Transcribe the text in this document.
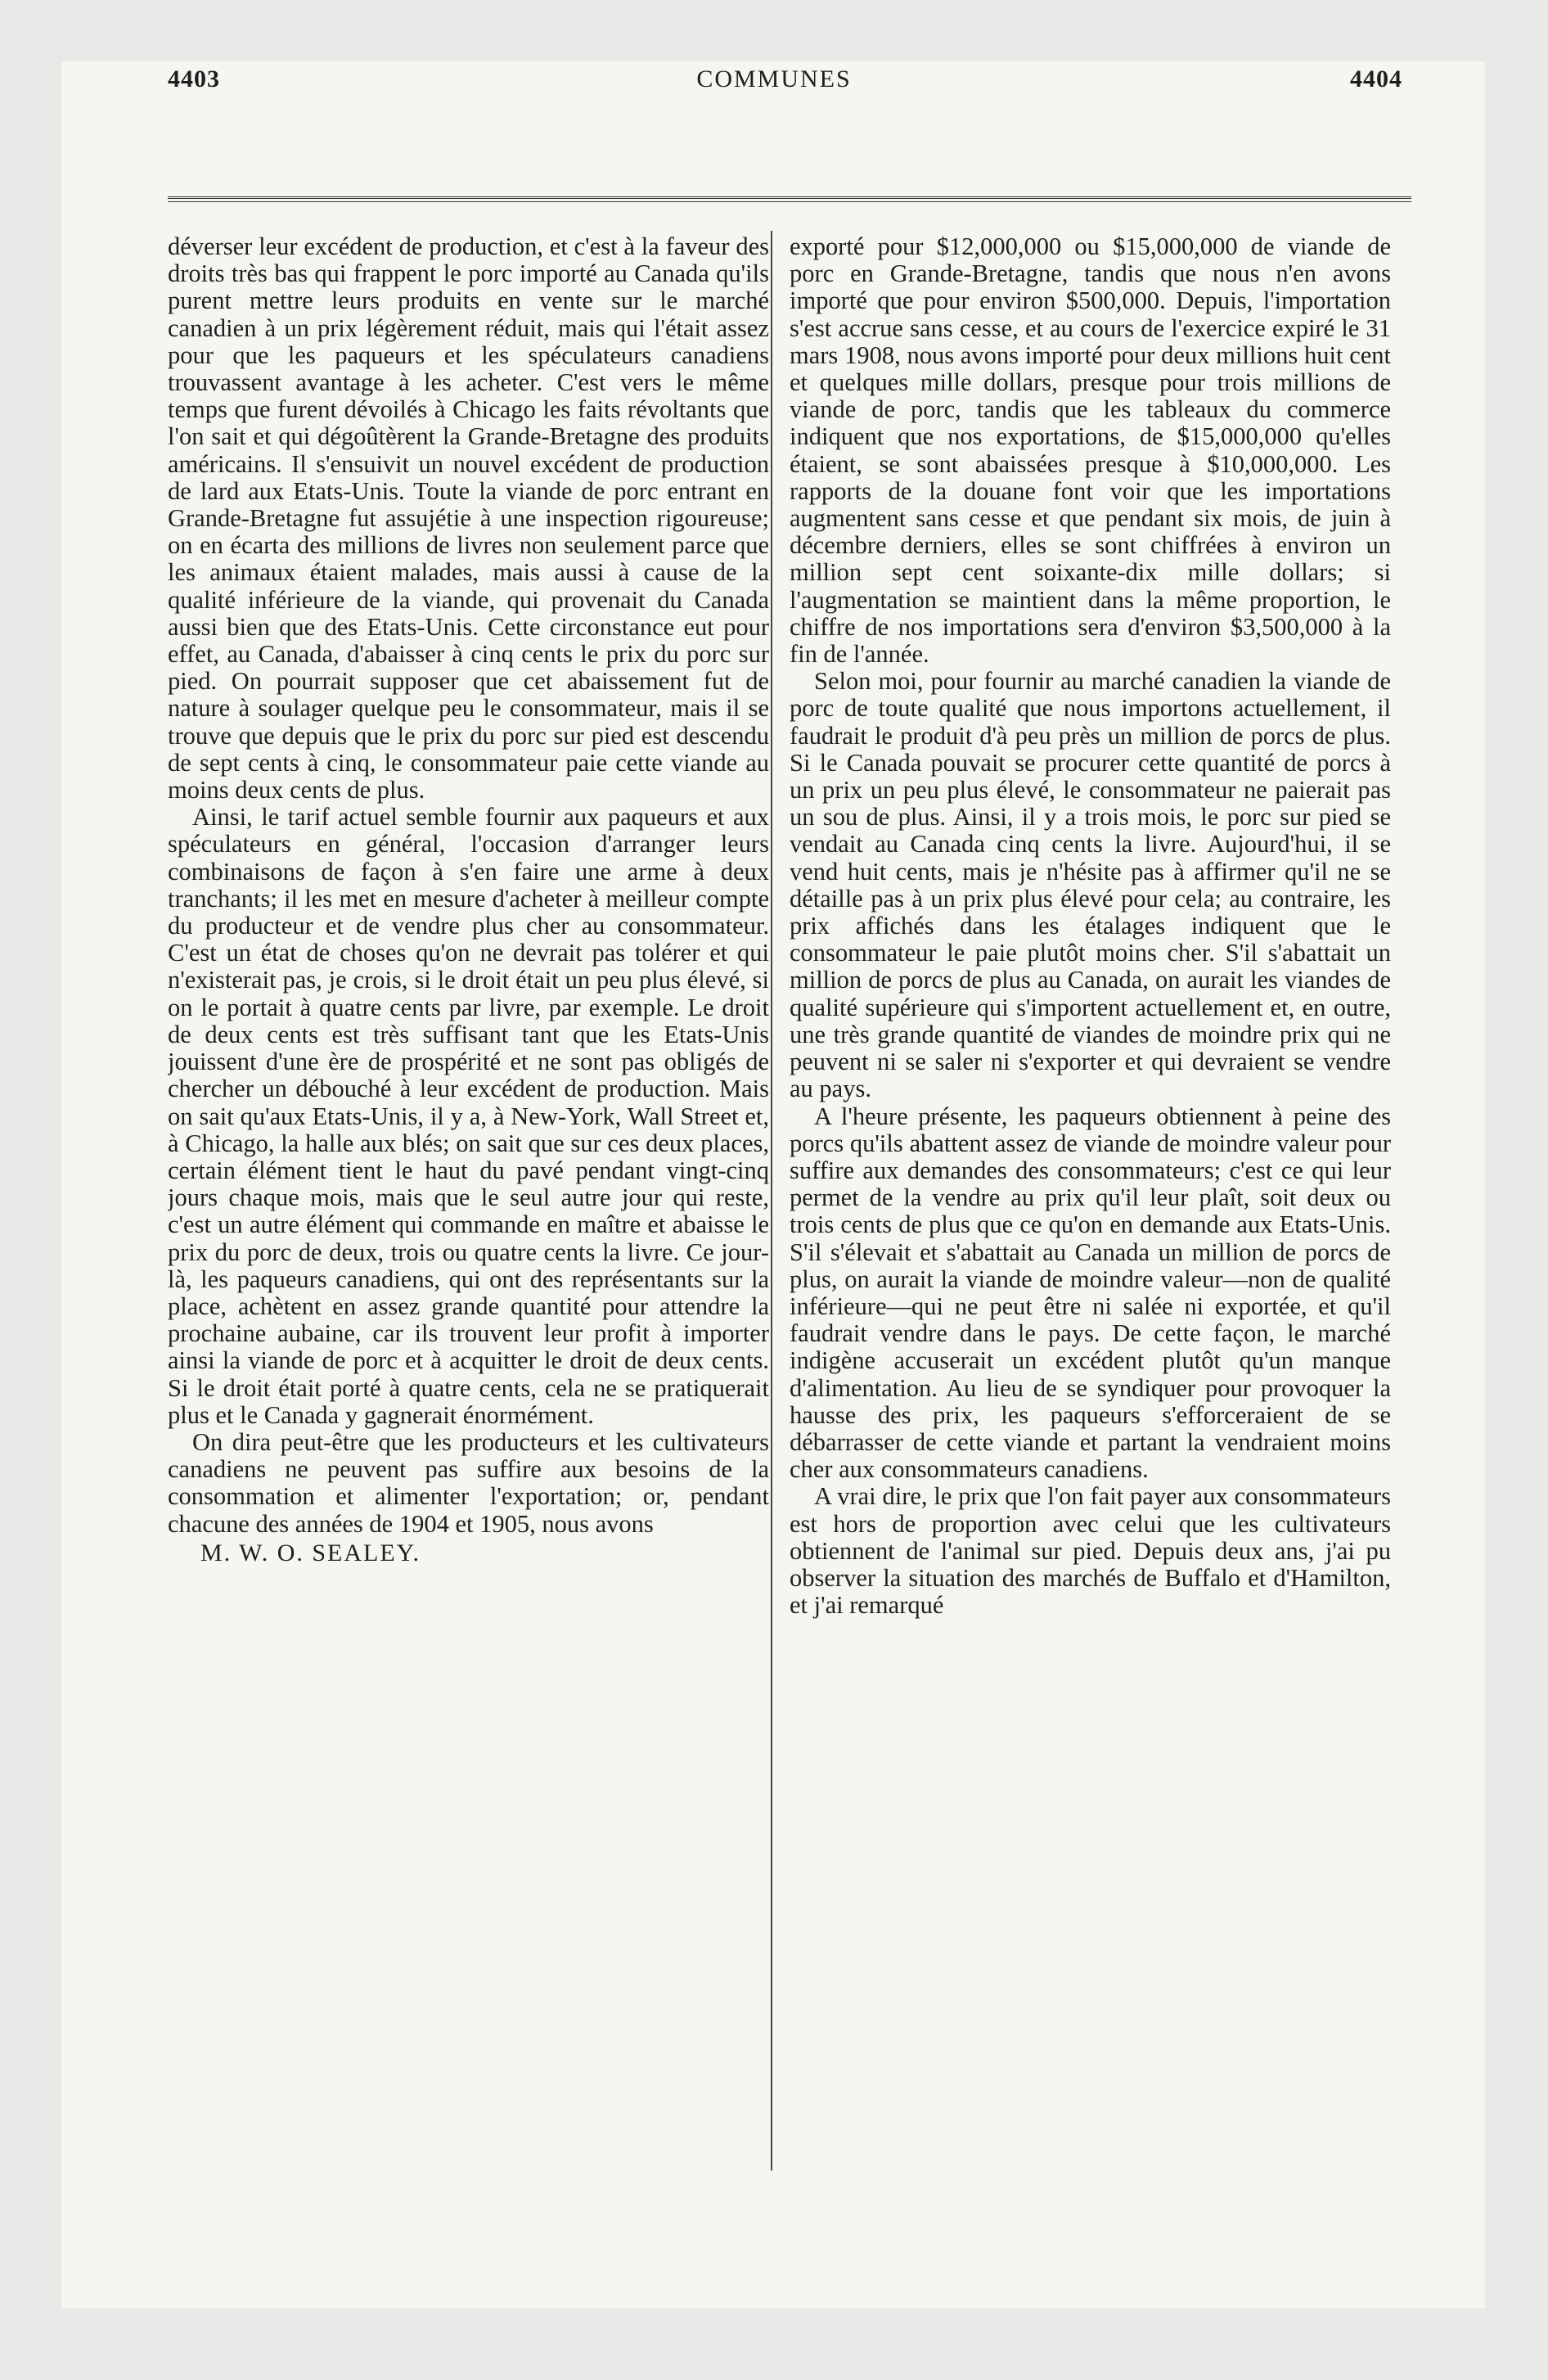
4403	COMMUNES	4404

déverser leur excédent de production, et c'est à la faveur des droits très bas qui frappent le porc importé au Canada qu'ils purent mettre leurs produits en vente sur le marché canadien à un prix légèrement réduit, mais qui l'était assez pour que les paqueurs et les spéculateurs canadiens trouvassent avantage à les acheter. C'est vers le même temps que furent dévoilés à Chicago les faits révoltants que l'on sait et qui dégoûtèrent la Grande-Bretagne des produits américains. Il s'ensuivit un nouvel excédent de production de lard aux Etats-Unis. Toute la viande de porc entrant en Grande-Bretagne fut assujétie à une inspection rigoureuse; on en écarta des millions de livres non seulement parce que les animaux étaient malades, mais aussi à cause de la qualité inférieure de la viande, qui provenait du Canada aussi bien que des Etats-Unis. Cette circonstance eut pour effet, au Canada, d'abaisser à cinq cents le prix du porc sur pied. On pourrait supposer que cet abaissement fut de nature à soulager quelque peu le consommateur, mais il se trouve que depuis que le prix du porc sur pied est descendu de sept cents à cinq, le consommateur paie cette viande au moins deux cents de plus.

Ainsi, le tarif actuel semble fournir aux paqueurs et aux spéculateurs en général, l'occasion d'arranger leurs combinaisons de façon à s'en faire une arme à deux tranchants; il les met en mesure d'acheter à meilleur compte du producteur et de vendre plus cher au consommateur. C'est un état de choses qu'on ne devrait pas tolérer et qui n'existerait pas, je crois, si le droit était un peu plus élevé, si on le portait à quatre cents par livre, par exemple. Le droit de deux cents est très suffisant tant que les Etats-Unis jouissent d'une ère de prospérité et ne sont pas obligés de chercher un débouché à leur excédent de production. Mais on sait qu'aux Etats-Unis, il y a, à New-York, Wall Street et, à Chicago, la halle aux blés; on sait que sur ces deux places, certain élément tient le haut du pavé pendant vingt-cinq jours chaque mois, mais que le seul autre jour qui reste, c'est un autre élément qui commande en maître et abaisse le prix du porc de deux, trois ou quatre cents la livre. Ce jour-là, les paqueurs canadiens, qui ont des représentants sur la place, achètent en assez grande quantité pour attendre la prochaine aubaine, car ils trouvent leur profit à importer ainsi la viande de porc et à acquitter le droit de deux cents. Si le droit était porté à quatre cents, cela ne se pratiquerait plus et le Canada y gagnerait énormément.

On dira peut-être que les producteurs et les cultivateurs canadiens ne peuvent pas suffire aux besoins de la consommation et alimenter l'exportation; or, pendant chacune des années de 1904 et 1905, nous avons

M. W. O. SEALEY.

exporté pour $12,000,000 ou $15,000,000 de viande de porc en Grande-Bretagne, tandis que nous n'en avons importé que pour environ $500,000. Depuis, l'importation s'est accrue sans cesse, et au cours de l'exercice expiré le 31 mars 1908, nous avons importé pour deux millions huit cent et quelques mille dollars, presque pour trois millions de viande de porc, tandis que les tableaux du commerce indiquent que nos exportations, de $15,000,000 qu'elles étaient, se sont abaissées presque à $10,000,000. Les rapports de la douane font voir que les importations augmentent sans cesse et que pendant six mois, de juin à décembre derniers, elles se sont chiffrées à environ un million sept cent soixante-dix mille dollars; si l'augmentation se maintient dans la même proportion, le chiffre de nos importations sera d'environ $3,500,000 à la fin de l'année.

Selon moi, pour fournir au marché canadien la viande de porc de toute qualité que nous importons actuellement, il faudrait le produit d'à peu près un million de porcs de plus. Si le Canada pouvait se procurer cette quantité de porcs à un prix un peu plus élevé, le consommateur ne paierait pas un sou de plus. Ainsi, il y a trois mois, le porc sur pied se vendait au Canada cinq cents la livre. Aujourd'hui, il se vend huit cents, mais je n'hésite pas à affirmer qu'il ne se détaille pas à un prix plus élevé pour cela; au contraire, les prix affichés dans les étalages indiquent que le consommateur le paie plutôt moins cher. S'il s'abattait un million de porcs de plus au Canada, on aurait les viandes de qualité supérieure qui s'importent actuellement et, en outre, une très grande quantité de viandes de moindre prix qui ne peuvent ni se saler ni s'exporter et qui devraient se vendre au pays.

A l'heure présente, les paqueurs obtiennent à peine des porcs qu'ils abattent assez de viande de moindre valeur pour suffire aux demandes des consommateurs; c'est ce qui leur permet de la vendre au prix qu'il leur plaît, soit deux ou trois cents de plus que ce qu'on en demande aux Etats-Unis. S'il s'élevait et s'abattait au Canada un million de porcs de plus, on aurait la viande de moindre valeur—non de qualité inférieure—qui ne peut être ni salée ni exportée, et qu'il faudrait vendre dans le pays. De cette façon, le marché indigène accuserait un excédent plutôt qu'un manque d'alimentation. Au lieu de se syndiquer pour provoquer la hausse des prix, les paqueurs s'efforceraient de se débarrasser de cette viande et partant la vendraient moins cher aux consommateurs canadiens.

A vrai dire, le prix que l'on fait payer aux consommateurs est hors de proportion avec celui que les cultivateurs obtiennent de l'animal sur pied. Depuis deux ans, j'ai pu observer la situation des marchés de Buffalo et d'Hamilton, et j'ai remarqué
